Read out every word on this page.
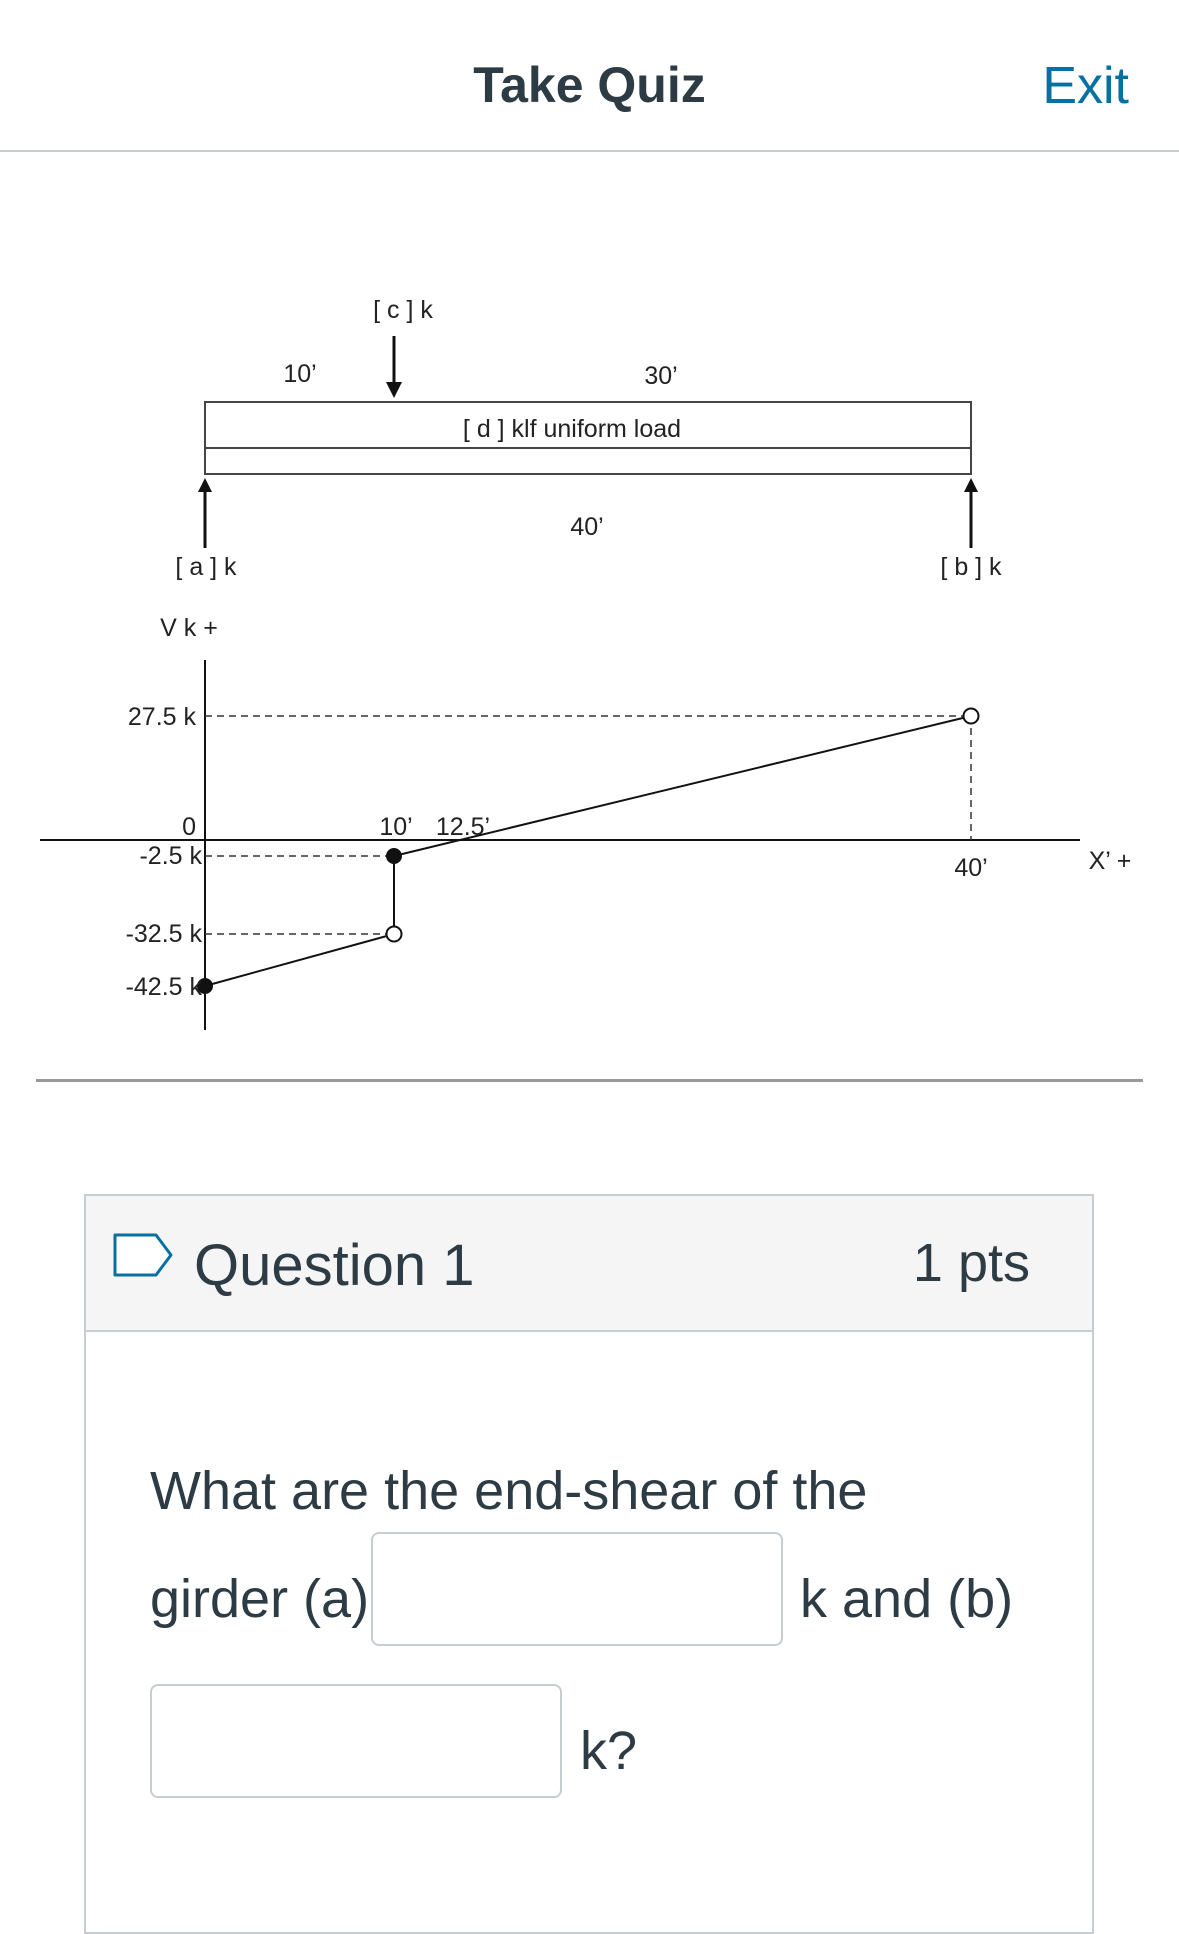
Take Quiz	Exit
[ c ] k
10’	30’
[ d ] klf uniform load
40’
[ a ] k	[ b ] k
V k +
X’ +
27.5 k
0
-2.5 k
-32.5 k
-42.5 k
10’ 12.5’
40’
Question 1	1 pts
What are the end-shear of the
girder (a)	k and (b)
k?
